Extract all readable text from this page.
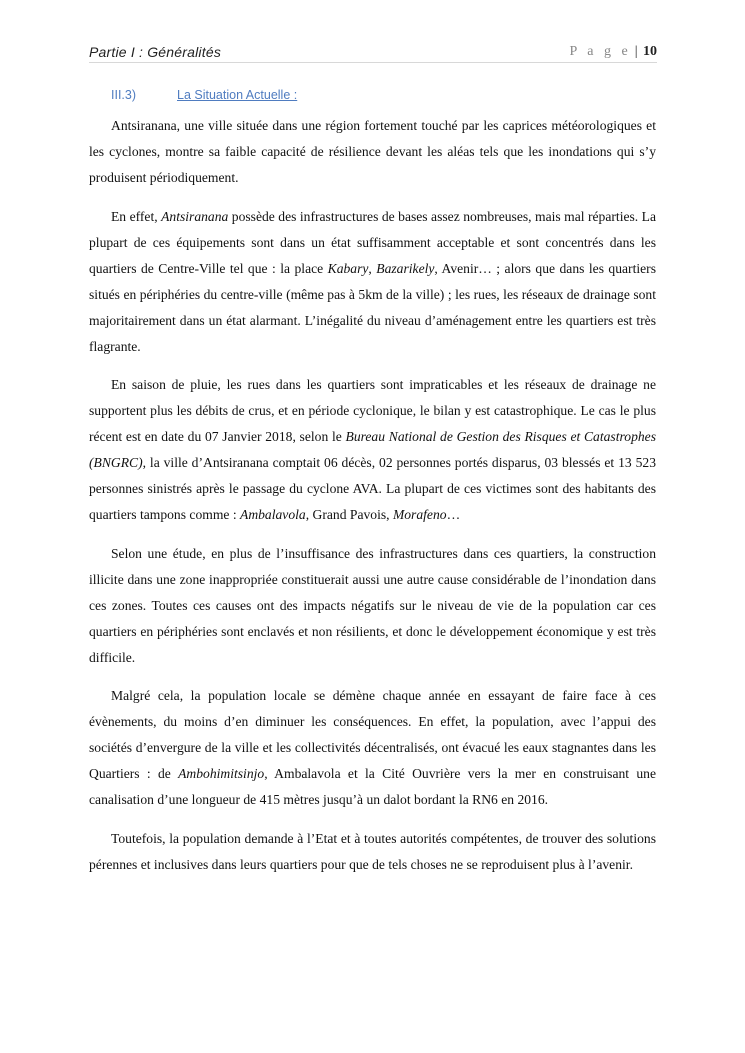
Partie I : Généralités	P a g e | 10
III.3)	La Situation Actuelle :

Antsiranana, une ville située dans une région fortement touché par les caprices météorologiques et les cyclones, montre sa faible capacité de résilience devant les aléas tels que les inondations qui s’y produisent périodiquement.

En effet, Antsiranana possède des infrastructures de bases assez nombreuses, mais mal réparties. La plupart de ces équipements sont dans un état suffisamment acceptable et sont concentrés dans les quartiers de Centre-Ville tel que : la place Kabary, Bazarikely, Avenir… ; alors que dans les quartiers situés en périphéries du centre-ville (même pas à 5km de la ville) ; les rues, les réseaux de drainage sont majoritairement dans un état alarmant. L’inégalité du niveau d’aménagement entre les quartiers est très flagrante.

En saison de pluie, les rues dans les quartiers sont impraticables et les réseaux de drainage ne supportent plus les débits de crus, et en période cyclonique, le bilan y est catastrophique. Le cas le plus récent est en date du 07 Janvier 2018, selon le Bureau National de Gestion des Risques et Catastrophes (BNGRC), la ville d’Antsiranana comptait 06 décès, 02 personnes portés disparus, 03 blessés et 13 523 personnes sinistrés après le passage du cyclone AVA. La plupart de ces victimes sont des habitants des quartiers tampons comme : Ambalavola, Grand Pavois, Morafeno…

Selon une étude, en plus de l’insuffisance des infrastructures dans ces quartiers, la construction illicite dans une zone inappropriée constituerait aussi une autre cause considérable de l’inondation dans ces zones. Toutes ces causes ont des impacts négatifs sur le niveau de vie de la population car ces quartiers en périphéries sont enclavés et non résilients, et donc le développement économique y est très difficile.

Malgré cela, la population locale se démène chaque année en essayant de faire face à ces évènements, du moins d’en diminuer les conséquences. En effet, la population, avec l’appui des sociétés d’envergure de la ville et les collectivités décentralisés, ont évacué les eaux stagnantes dans les Quartiers : de Ambohimitsinjo, Ambalavola et la Cité Ouvrière vers la mer en construisant une canalisation d’une longueur de 415 mètres jusqu’à un dalot bordant la RN6 en 2016.

Toutefois, la population demande à l’Etat et à toutes autorités compétentes, de trouver des solutions pérennes et inclusives dans leurs quartiers pour que de tels choses ne se reproduisent plus à l’avenir.
